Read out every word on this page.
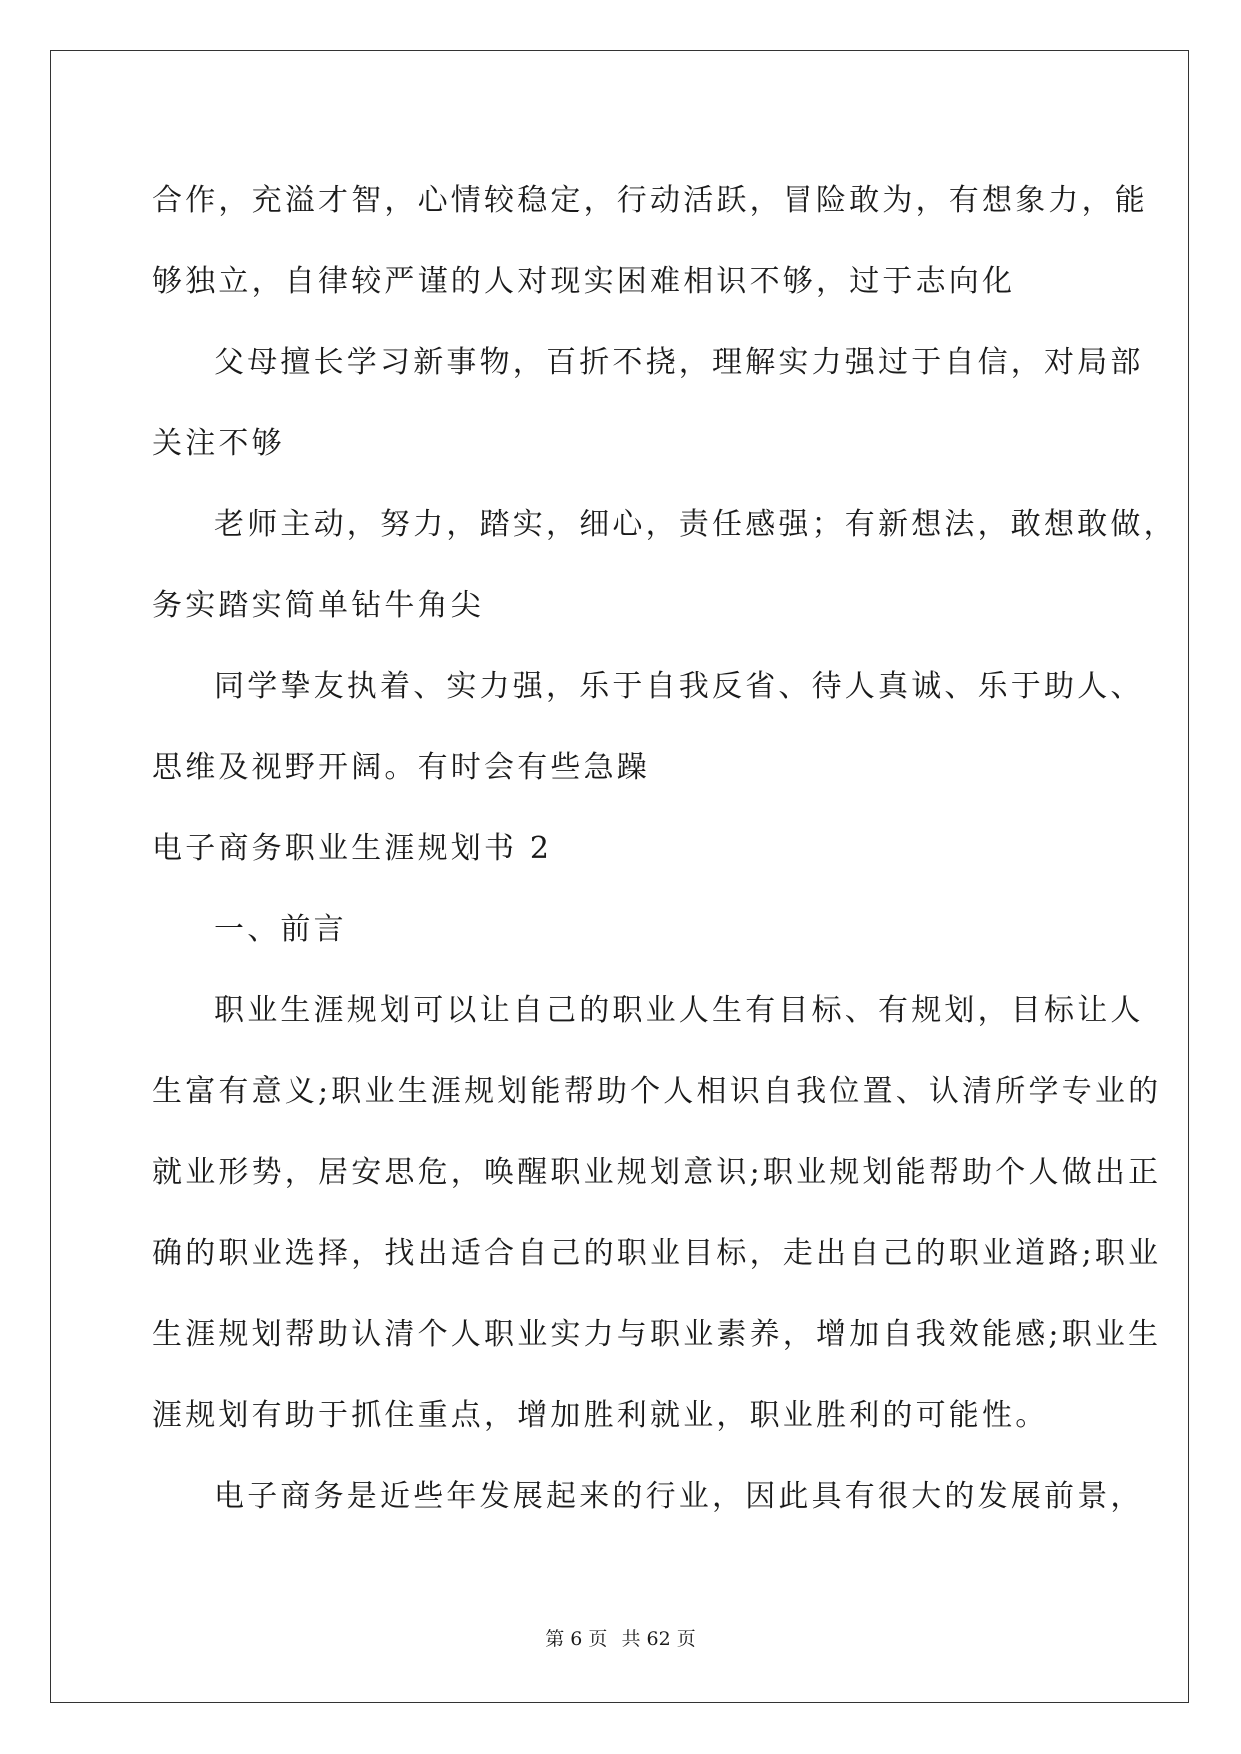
合作，充溢才智，心情较稳定，行动活跃，冒险敢为，有想象力，能

够独立，自律较严谨的人对现实困难相识不够，过于志向化

父母擅长学习新事物，百折不挠，理解实力强过于自信，对局部

关注不够

老师主动，努力，踏实，细心，责任感强；有新想法，敢想敢做，

务实踏实简单钻牛角尖

同学挚友执着、实力强，乐于自我反省、待人真诚、乐于助人、

思维及视野开阔。有时会有些急躁

电子商务职业生涯规划书 2

一、前言

职业生涯规划可以让自己的职业人生有目标、有规划，目标让人

生富有意义;职业生涯规划能帮助个人相识自我位置、认清所学专业的

就业形势，居安思危，唤醒职业规划意识;职业规划能帮助个人做出正

确的职业选择，找出适合自己的职业目标，走出自己的职业道路;职业

生涯规划帮助认清个人职业实力与职业素养，增加自我效能感;职业生

涯规划有助于抓住重点，增加胜利就业，职业胜利的可能性。

电子商务是近些年发展起来的行业，因此具有很大的发展前景，

第 6 页 共 62 页
